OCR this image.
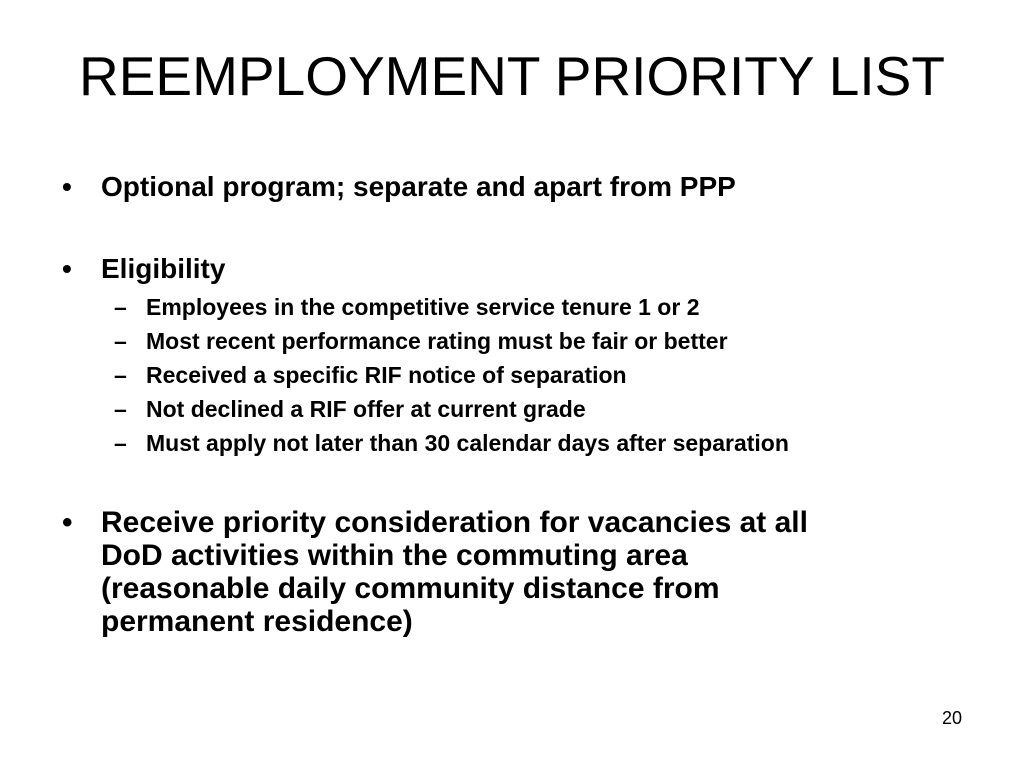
REEMPLOYMENT PRIORITY LIST
• Optional program; separate and apart from PPP
• Eligibility
– Employees in the competitive service tenure 1 or 2
– Most recent performance rating must be fair or better
– Received a specific RIF notice of separation
– Not declined a RIF offer at current grade
– Must apply not later than 30 calendar days after separation
• Receive priority consideration for vacancies at all
DoD activities within the commuting area
(reasonable daily community distance from
permanent residence)
20
